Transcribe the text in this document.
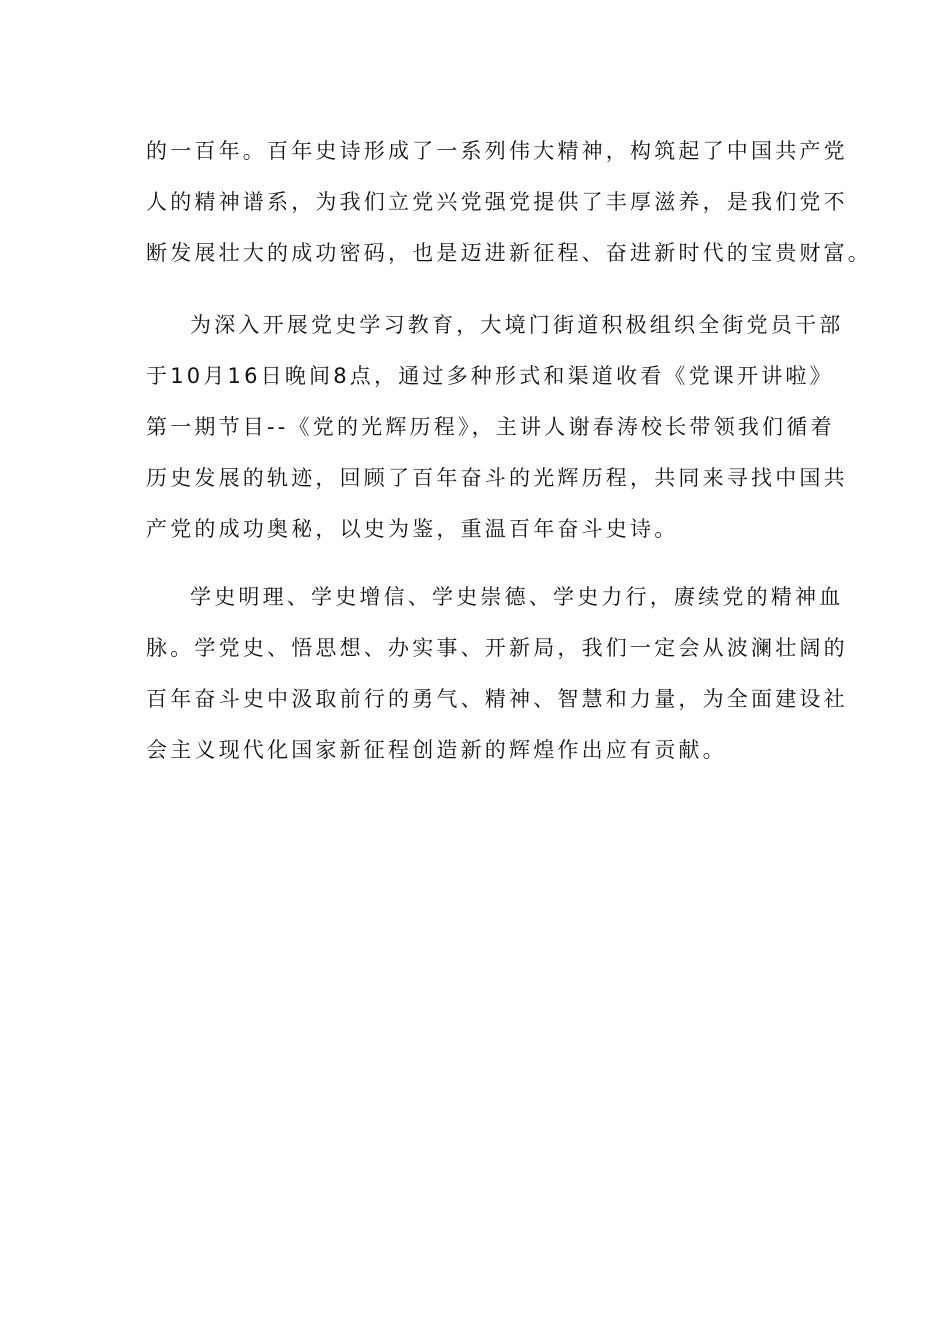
的一百年。百年史诗形成了一系列伟大精神，构筑起了中国共产党
人的精神谱系，为我们立党兴党强党提供了丰厚滋养，是我们党不
断发展壮大的成功密码，也是迈进新征程、奋进新时代的宝贵财富。
为深入开展党史学习教育，大境门街道积极组织全街党员干部
于10月16日晚间8点，通过多种形式和渠道收看《党课开讲啦》
第一期节目--《党的光辉历程》，主讲人谢春涛校长带领我们循着
历史发展的轨迹，回顾了百年奋斗的光辉历程，共同来寻找中国共
产党的成功奥秘，以史为鉴，重温百年奋斗史诗。
学史明理、学史增信、学史崇德、学史力行，赓续党的精神血
脉。学党史、悟思想、办实事、开新局，我们一定会从波澜壮阔的
百年奋斗史中汲取前行的勇气、精神、智慧和力量，为全面建设社
会主义现代化国家新征程创造新的辉煌作出应有贡献。
